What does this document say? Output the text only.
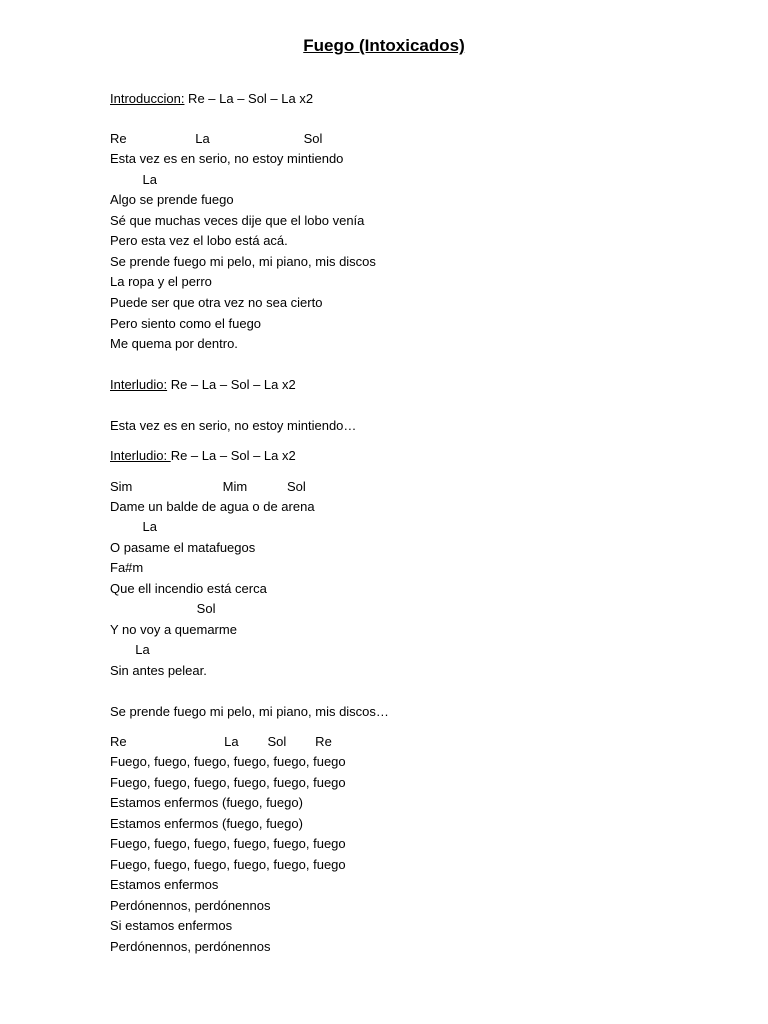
Fuego (Intoxicados)
Introduccion: Re – La – Sol – La x2
Re                   La                          Sol
Esta vez es en serio, no estoy mintiendo
La
Algo se prende fuego
Sé que muchas veces dije que el lobo venía
Pero esta vez el lobo está acá.
Se prende fuego mi pelo, mi piano, mis discos
La ropa y el perro
Puede ser que otra vez no sea cierto
Pero siento como el fuego
Me quema por dentro.
Interludio: Re – La – Sol – La x2
Esta vez es en serio, no estoy mintiendo…
Interludio: Re – La – Sol – La x2
Sim                         Mim           Sol
Dame un balde de agua o de arena
La
O pasame el matafuegos
Fa#m
Que ell incendio está cerca
Sol
Y no voy a quemarme
La
Sin antes pelear.
Se prende fuego mi pelo, mi piano, mis discos…
Re                           La        Sol        Re
Fuego, fuego, fuego, fuego, fuego, fuego
Fuego, fuego, fuego, fuego, fuego, fuego
Estamos enfermos (fuego, fuego)
Estamos enfermos (fuego, fuego)
Fuego, fuego, fuego, fuego, fuego, fuego
Fuego, fuego, fuego, fuego, fuego, fuego
Estamos enfermos
Perdónennos, perdónennos
Si estamos enfermos
Perdónennos, perdónennos
